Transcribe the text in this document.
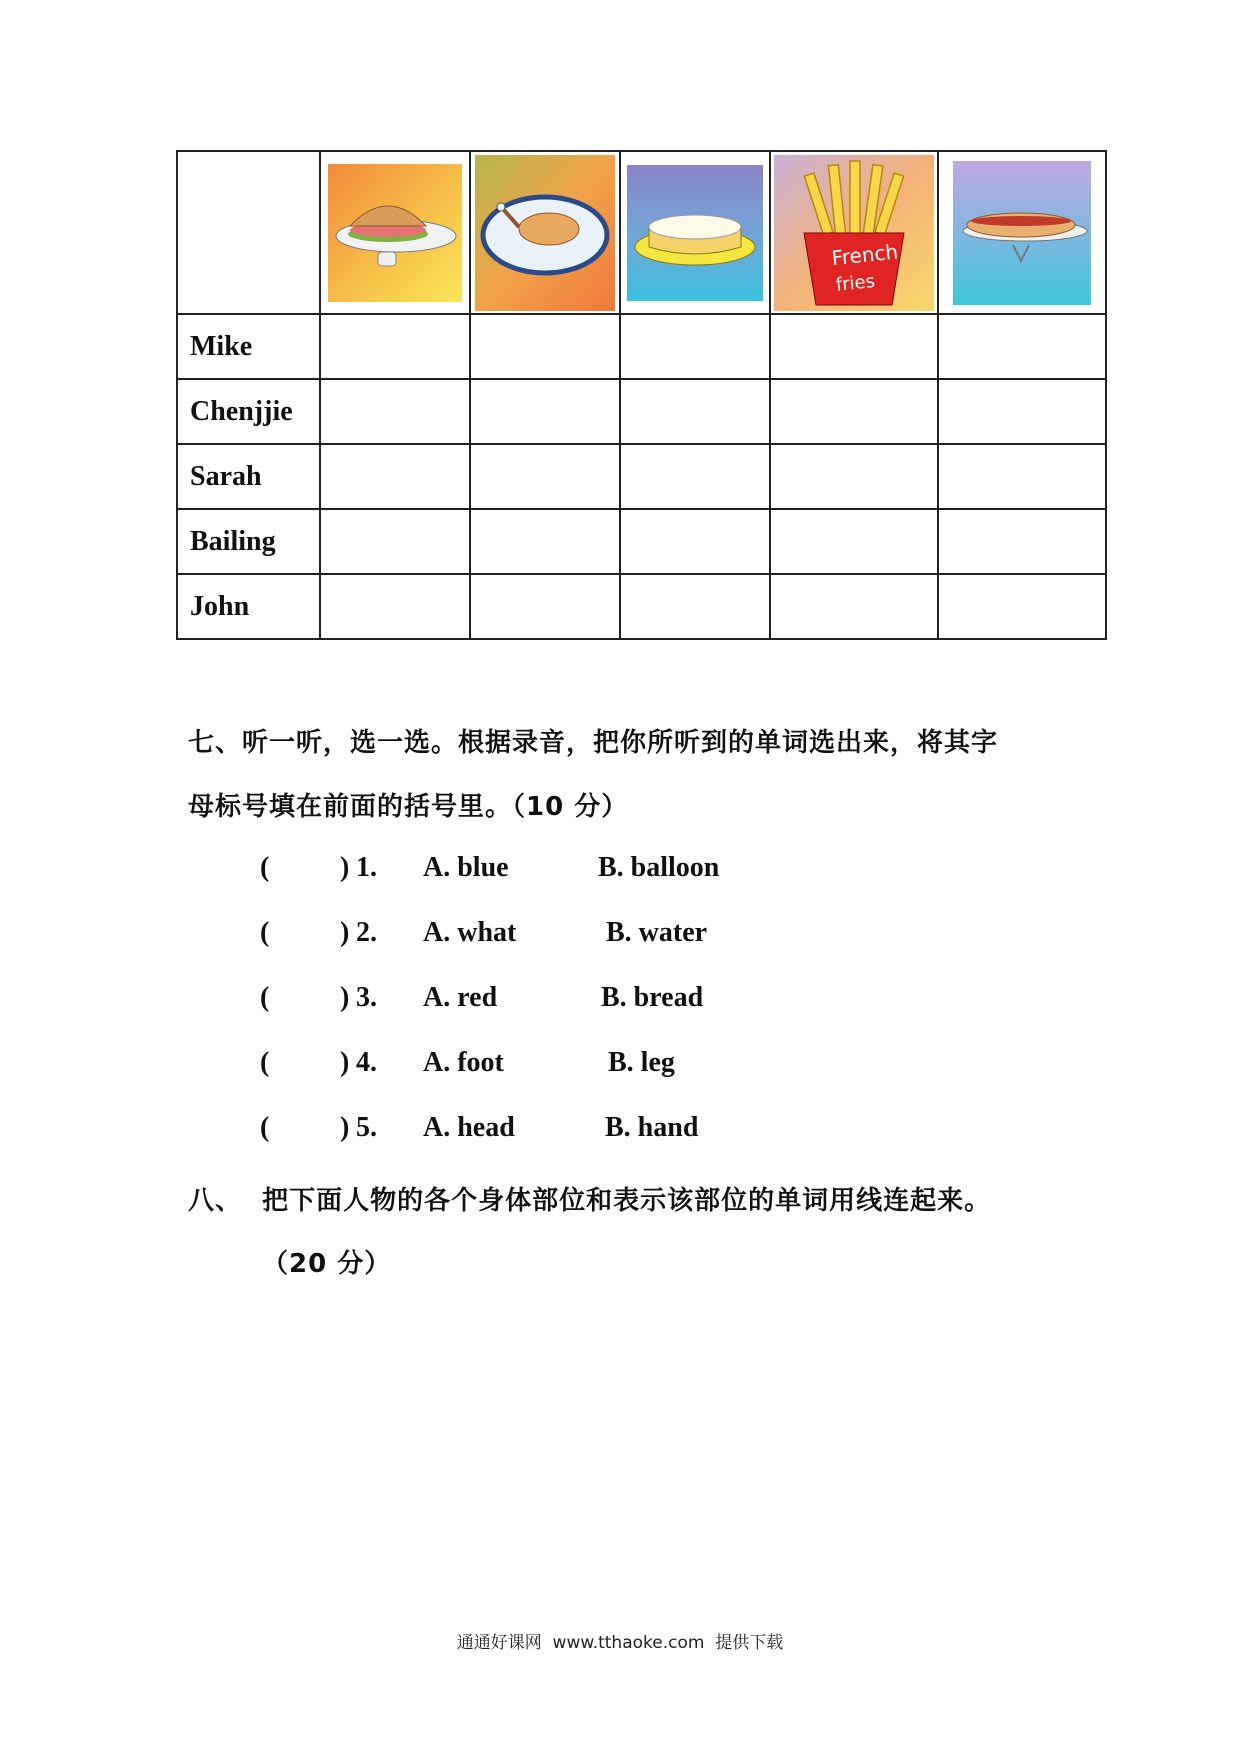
French
fries

Mike					
Chenjjie					
Sarah					
Bailing					
John					
七、听一听，选一选。根据录音，把你所听到的单词选出来，将其字
母标号填在前面的括号里。（10 分）
(	) 1. A. blue	B. balloon
(	) 2. A. what	B. water
(	) 3. A. red	B. bread
(	) 4. A. foot	B. leg
(	) 5. A. head	B. hand
八、  把下面人物的各个身体部位和表示该部位的单词用线连起来。
（20 分）
通通好课网  www.tthaoke.com  提供下载
